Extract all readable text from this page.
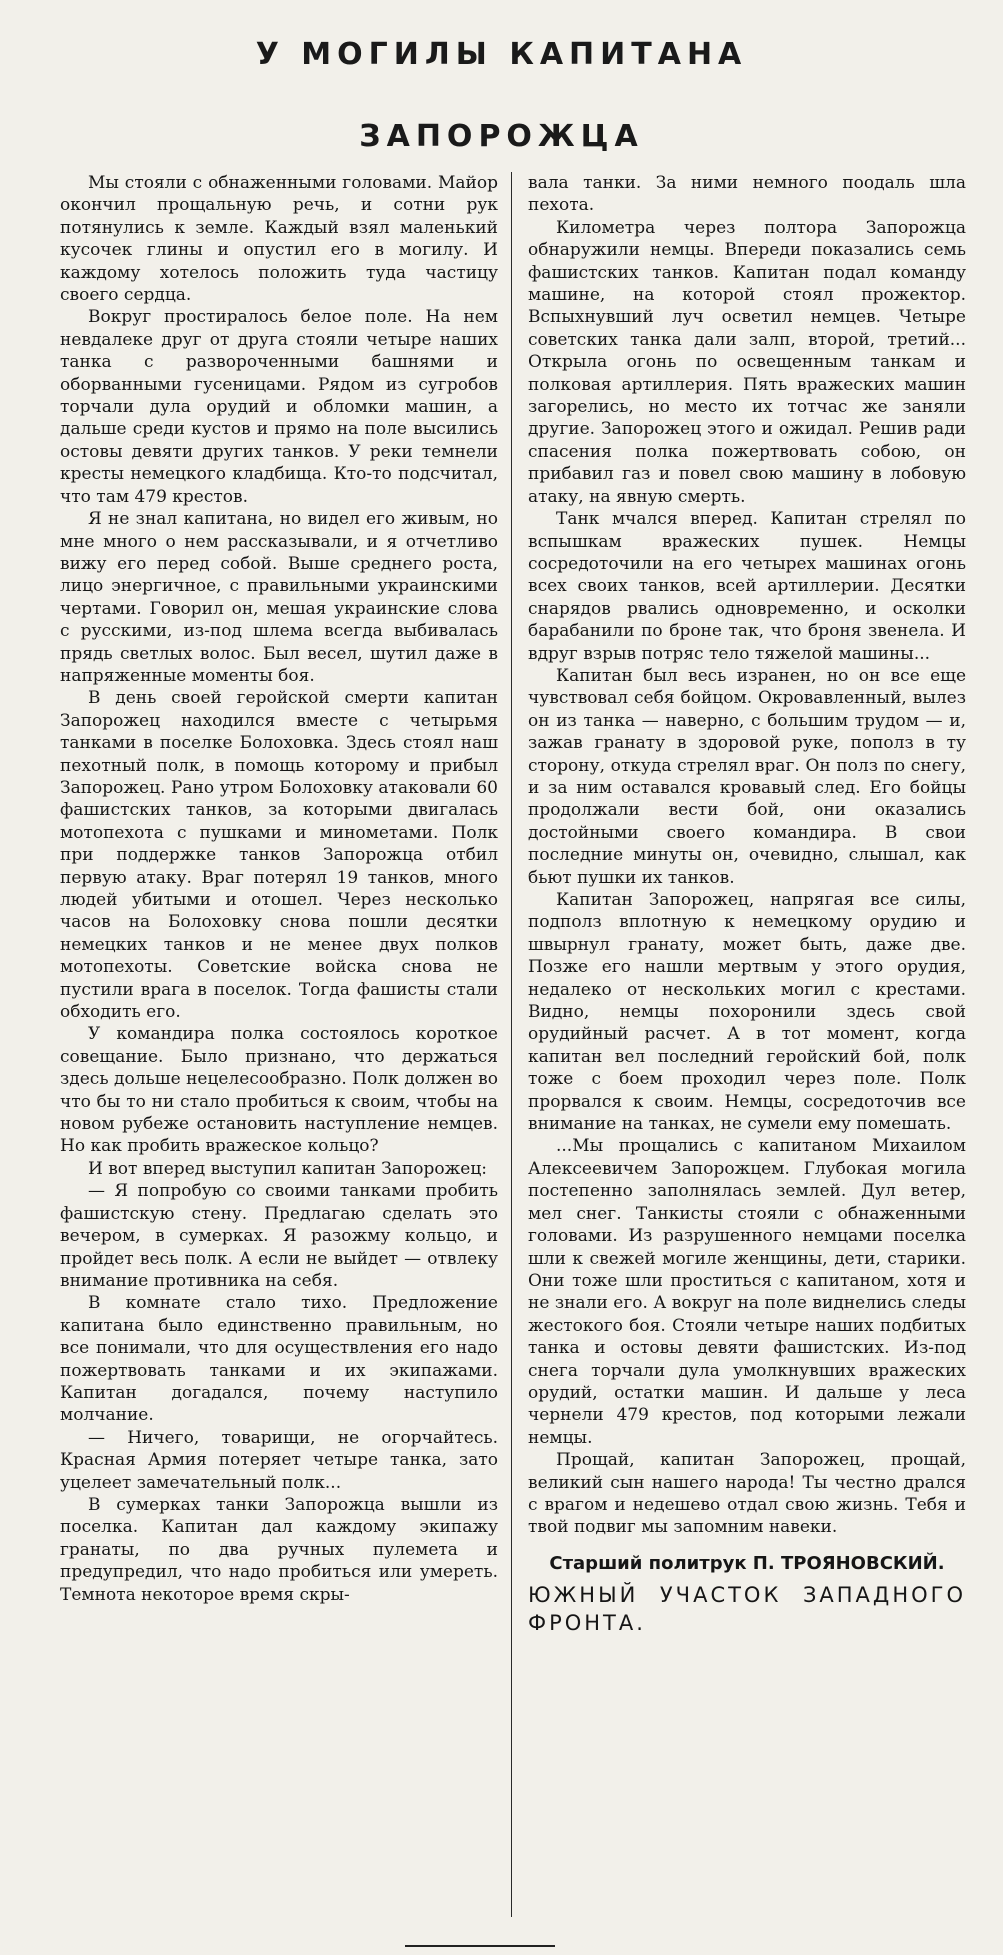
У МОГИЛЫ КАПИТАНА
ЗАПОРОЖЦА

Мы стояли с обнаженными головами. Майор окончил прощальную речь, и сотни рук потянулись к земле. Каждый взял маленький кусочек глины и опустил его в могилу. И каждому хотелось положить туда частицу своего сердца.

Вокруг простиралось белое поле. На нем невдалеке друг от друга стояли четыре наших танка с развороченными башнями и оборванными гусеницами. Рядом из сугробов торчали дула орудий и обломки машин, а дальше среди кустов и прямо на поле высились остовы девяти других танков. У реки темнели кресты немецкого кладбища. Кто-то подсчитал, что там 479 крестов.

Я не знал капитана, но видел его живым, но мне много о нем рассказывали, и я отчетливо вижу его перед собой. Выше среднего роста, лицо энергичное, с правильными украинскими чертами. Говорил он, мешая украинские слова с русскими, из-под шлема всегда выбивалась прядь светлых волос. Был весел, шутил даже в напряженные моменты боя.

В день своей геройской смерти капитан Запорожец находился вместе с четырьмя танками в поселке Болоховка. Здесь стоял наш пехотный полк, в помощь которому и прибыл Запорожец. Рано утром Болоховку атаковали 60 фашистских танков, за которыми двигалась мотопехота с пушками и минометами. Полк при поддержке танков Запорожца отбил первую атаку. Враг потерял 19 танков, много людей убитыми и отошел. Через несколько часов на Болоховку снова пошли десятки немецких танков и не менее двух полков мотопехоты. Советские войска снова не пустили врага в поселок. Тогда фашисты стали обходить его.

У командира полка состоялось короткое совещание. Было признано, что держаться здесь дольше нецелесообразно. Полк должен во что бы то ни стало пробиться к своим, чтобы на новом рубеже остановить наступление немцев. Но как пробить вражеское кольцо?

И вот вперед выступил капитан Запорожец:

— Я попробую со своими танками пробить фашистскую стену. Предлагаю сделать это вечером, в сумерках. Я разожму кольцо, и пройдет весь полк. А если не выйдет — отвлеку внимание противника на себя.

В комнате стало тихо. Предложение капитана было единственно правильным, но все понимали, что для осуществления его надо пожертвовать танками и их экипажами. Капитан догадался, почему наступило молчание.

— Ничего, товарищи, не огорчайтесь. Красная Армия потеряет четыре танка, зато уцелеет замечательный полк...

В сумерках танки Запорожца вышли из поселка. Капитан дал каждому экипажу гранаты, по два ручных пулемета и предупредил, что надо пробиться или умереть. Темнота некоторое время скры-

вала танки. За ними немного поодаль шла пехота.

Километра через полтора Запорожца обнаружили немцы. Впереди показались семь фашистских танков. Капитан подал команду машине, на которой стоял прожектор. Вспыхнувший луч осветил немцев. Четыре советских танка дали залп, второй, третий... Открыла огонь по освещенным танкам и полковая артиллерия. Пять вражеских машин загорелись, но место их тотчас же заняли другие. Запорожец этого и ожидал. Решив ради спасения полка пожертвовать собою, он прибавил газ и повел свою машину в лобовую атаку, на явную смерть.

Танк мчался вперед. Капитан стрелял по вспышкам вражеских пушек. Немцы сосредоточили на его четырех машинах огонь всех своих танков, всей артиллерии. Десятки снарядов рвались одновременно, и осколки барабанили по броне так, что броня звенела. И вдруг взрыв потряс тело тяжелой машины...

Капитан был весь изранен, но он все еще чувствовал себя бойцом. Окровавленный, вылез он из танка — наверно, с большим трудом — и, зажав гранату в здоровой руке, пополз в ту сторону, откуда стрелял враг. Он полз по снегу, и за ним оставался кровавый след. Его бойцы продолжали вести бой, они оказались достойными своего командира. В свои последние минуты он, очевидно, слышал, как бьют пушки их танков.

Капитан Запорожец, напрягая все силы, подполз вплотную к немецкому орудию и швырнул гранату, может быть, даже две. Позже его нашли мертвым у этого орудия, недалеко от нескольких могил с крестами. Видно, немцы похоронили здесь свой орудийный расчет. А в тот момент, когда капитан вел последний геройский бой, полк тоже с боем проходил через поле. Полк прорвался к своим. Немцы, сосредоточив все внимание на танках, не сумели ему помешать.

...Мы прощались с капитаном Михаилом Алексеевичем Запорожцем. Глубокая могила постепенно заполнялась землей. Дул ветер, мел снег. Танкисты стояли с обнаженными головами. Из разрушенного немцами поселка шли к свежей могиле женщины, дети, старики. Они тоже шли проститься с капитаном, хотя и не знали его. А вокруг на поле виднелись следы жестокого боя. Стояли четыре наших подбитых танка и остовы девяти фашистских. Из-под снега торчали дула умолкнувших вражеских орудий, остатки машин. И дальше у леса чернели 479 крестов, под которыми лежали немцы.

Прощай, капитан Запорожец, прощай, великий сын нашего народа! Ты честно дрался с врагом и недешево отдал свою жизнь. Тебя и твой подвиг мы запомним навеки.

Старший политрук П. ТРОЯНОВСКИЙ.
ЮЖНЫЙ УЧАСТОК ЗАПАДНОГО ФРОНТА.
